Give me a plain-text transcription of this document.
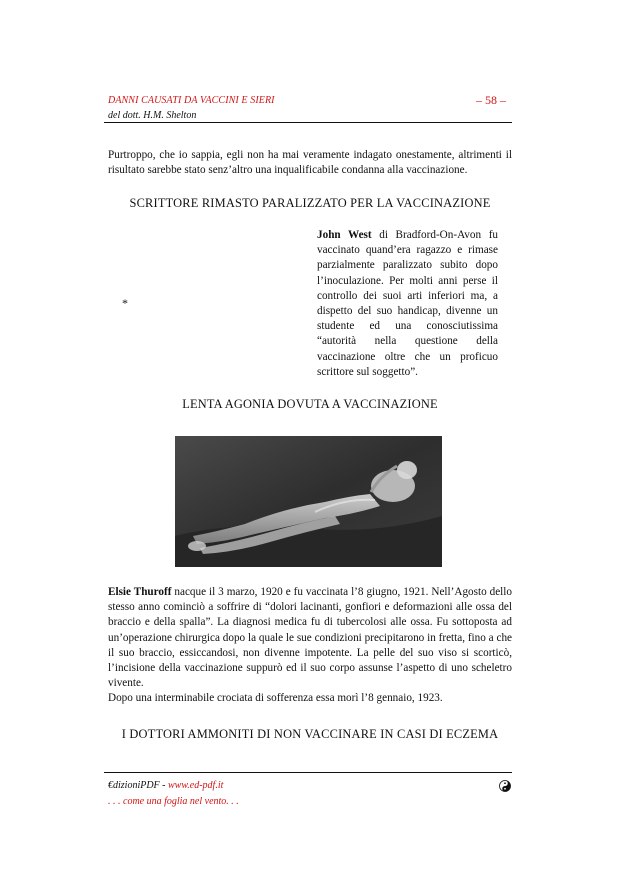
DANNI CAUSATI DA VACCINI E SIERI	– 58 –
del dott. H.M. Shelton
Purtroppo, che io sappia, egli non ha mai veramente indagato onestamente, altrimenti il risultato sarebbe stato senz’altro una inqualificabile condanna alla vaccinazione.
SCRITTORE RIMASTO PARALIZZATO PER LA VACCINAZIONE
*
John West di Bradford-On-Avon fu vaccinato quand’era ragazzo e rimase parzialmente paralizzato subito dopo l’inoculazione. Per molti anni perse il controllo dei suoi arti inferiori ma, a dispetto del suo handicap, divenne un studente ed una conosciutissima “autorità nella questione della vaccinazione oltre che un proficuo scrittore sul soggetto”.
LENTA AGONIA DOVUTA A VACCINAZIONE
Elsie Thuroff nacque il 3 marzo, 1920 e fu vaccinata l’8 giugno, 1921. Nell’Agosto dello stesso anno cominciò a soffrire di “dolori lacinanti, gonfiori e deformazioni alle ossa del braccio e della spalla”. La diagnosi medica fu di tubercolosi alle ossa. Fu sottoposta ad un’operazione chirurgica dopo la quale le sue condizioni precipitarono in fretta, fino a che il suo braccio, essiccandosi, non divenne impotente. La pelle del suo viso si scorticò, l’incisione della vaccinazione suppurò ed il suo corpo assunse l’aspetto di uno scheletro vivente.
Dopo una interminabile crociata di sofferenza essa morì l’8 gennaio, 1923.
I DOTTORI AMMONITI DI NON VACCINARE IN CASI DI ECZEMA
€dizioniPDF - www.ed-pdf.it
. . . come una foglia nel vento. . .
